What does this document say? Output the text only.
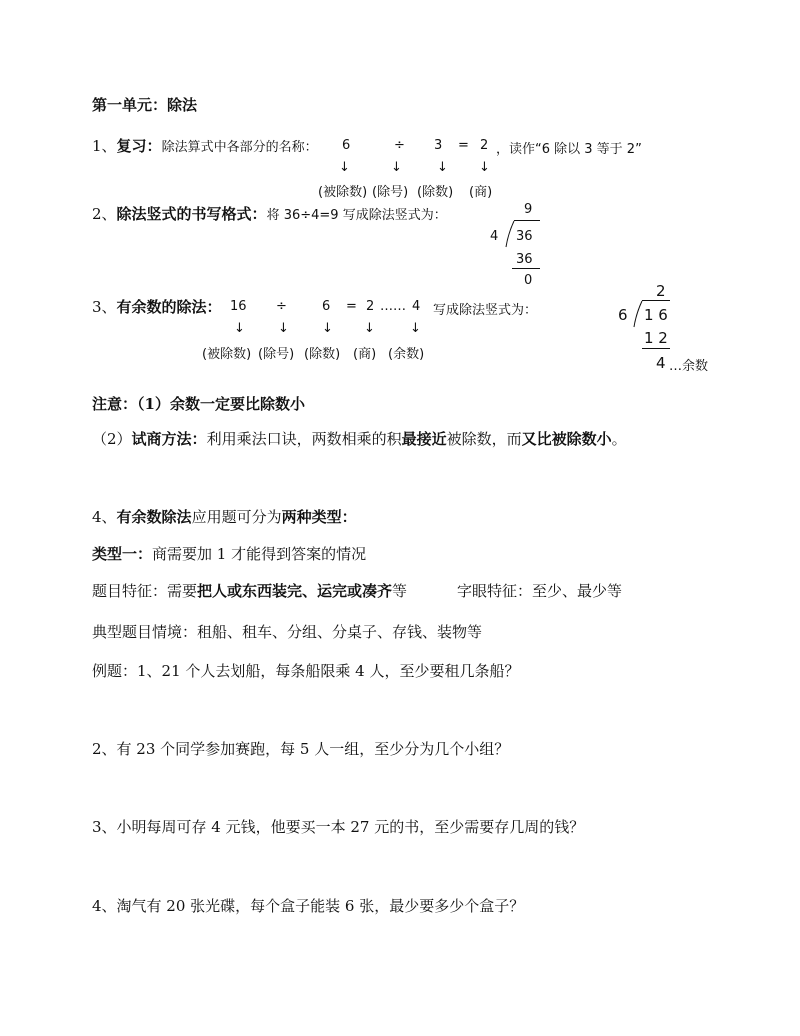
第一单元：除法
1、复习：除法算式中各部分的名称： 6	÷ 3 = 2 ，读作“6 除以 3 等于 2”
↓	↓	↓ ↓
(被除数) (除号) (除数) (商)
2、除法竖式的书写格式：将 36÷4=9 写成除法竖式为：	9
4 36
36
0
3、有余数的除法： 16 ÷	6 = 2 …… 4 写成除法竖式为：
↓	↓	↓ ↓	↓
(被除数) (除号) (除数) (商) (余数)
2
6 1 6
1 2
4 …余数
注意：（1）余数一定要比除数小
（2）试商方法：利用乘法口诀，两数相乘的积最接近被除数，而又比被除数小。
4、有余数除法应用题可分为两种类型：
类型一：商需要加 1 才能得到答案的情况
题目特征：需要把人或东西装完、运完或凑齐等	字眼特征：至少、最少等
典型题目情境：租船、租车、分组、分桌子、存钱、装物等
例题：1、21 个人去划船，每条船限乘 4 人，至少要租几条船？
2、有 23 个同学参加赛跑，每 5 人一组，至少分为几个小组？
3、小明每周可存 4 元钱，他要买一本 27 元的书，至少需要存几周的钱？
4、淘气有 20 张光碟，每个盒子能装 6 张，最少要多少个盒子？
